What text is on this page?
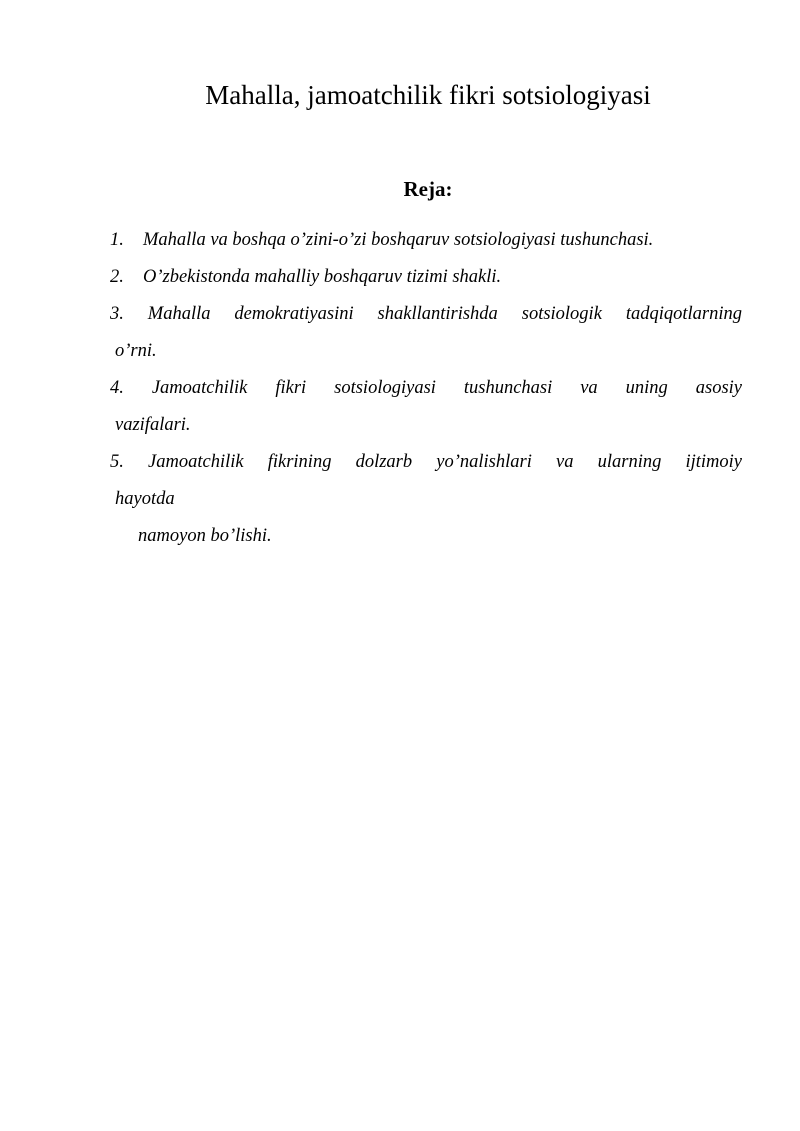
Mahalla, jamoatchilik fikri sotsiologiyasi
Reja:
1. Mahalla va boshqa o’zini-o’zi boshqaruv sotsiologiyasi tushunchasi.
2. O’zbekistonda mahalliy boshqaruv tizimi shakli.
3. Mahalla demokratiyasini shakllantirishda sotsiologik tadqiqotlarning
o’rni.
4. Jamoatchilik fikri sotsiologiyasi tushunchasi va uning asosiy
vazifalari.
5. Jamoatchilik fikrining dolzarb yo’nalishlari va ularning ijtimoiy
hayotda
namoyon bo’lishi.
